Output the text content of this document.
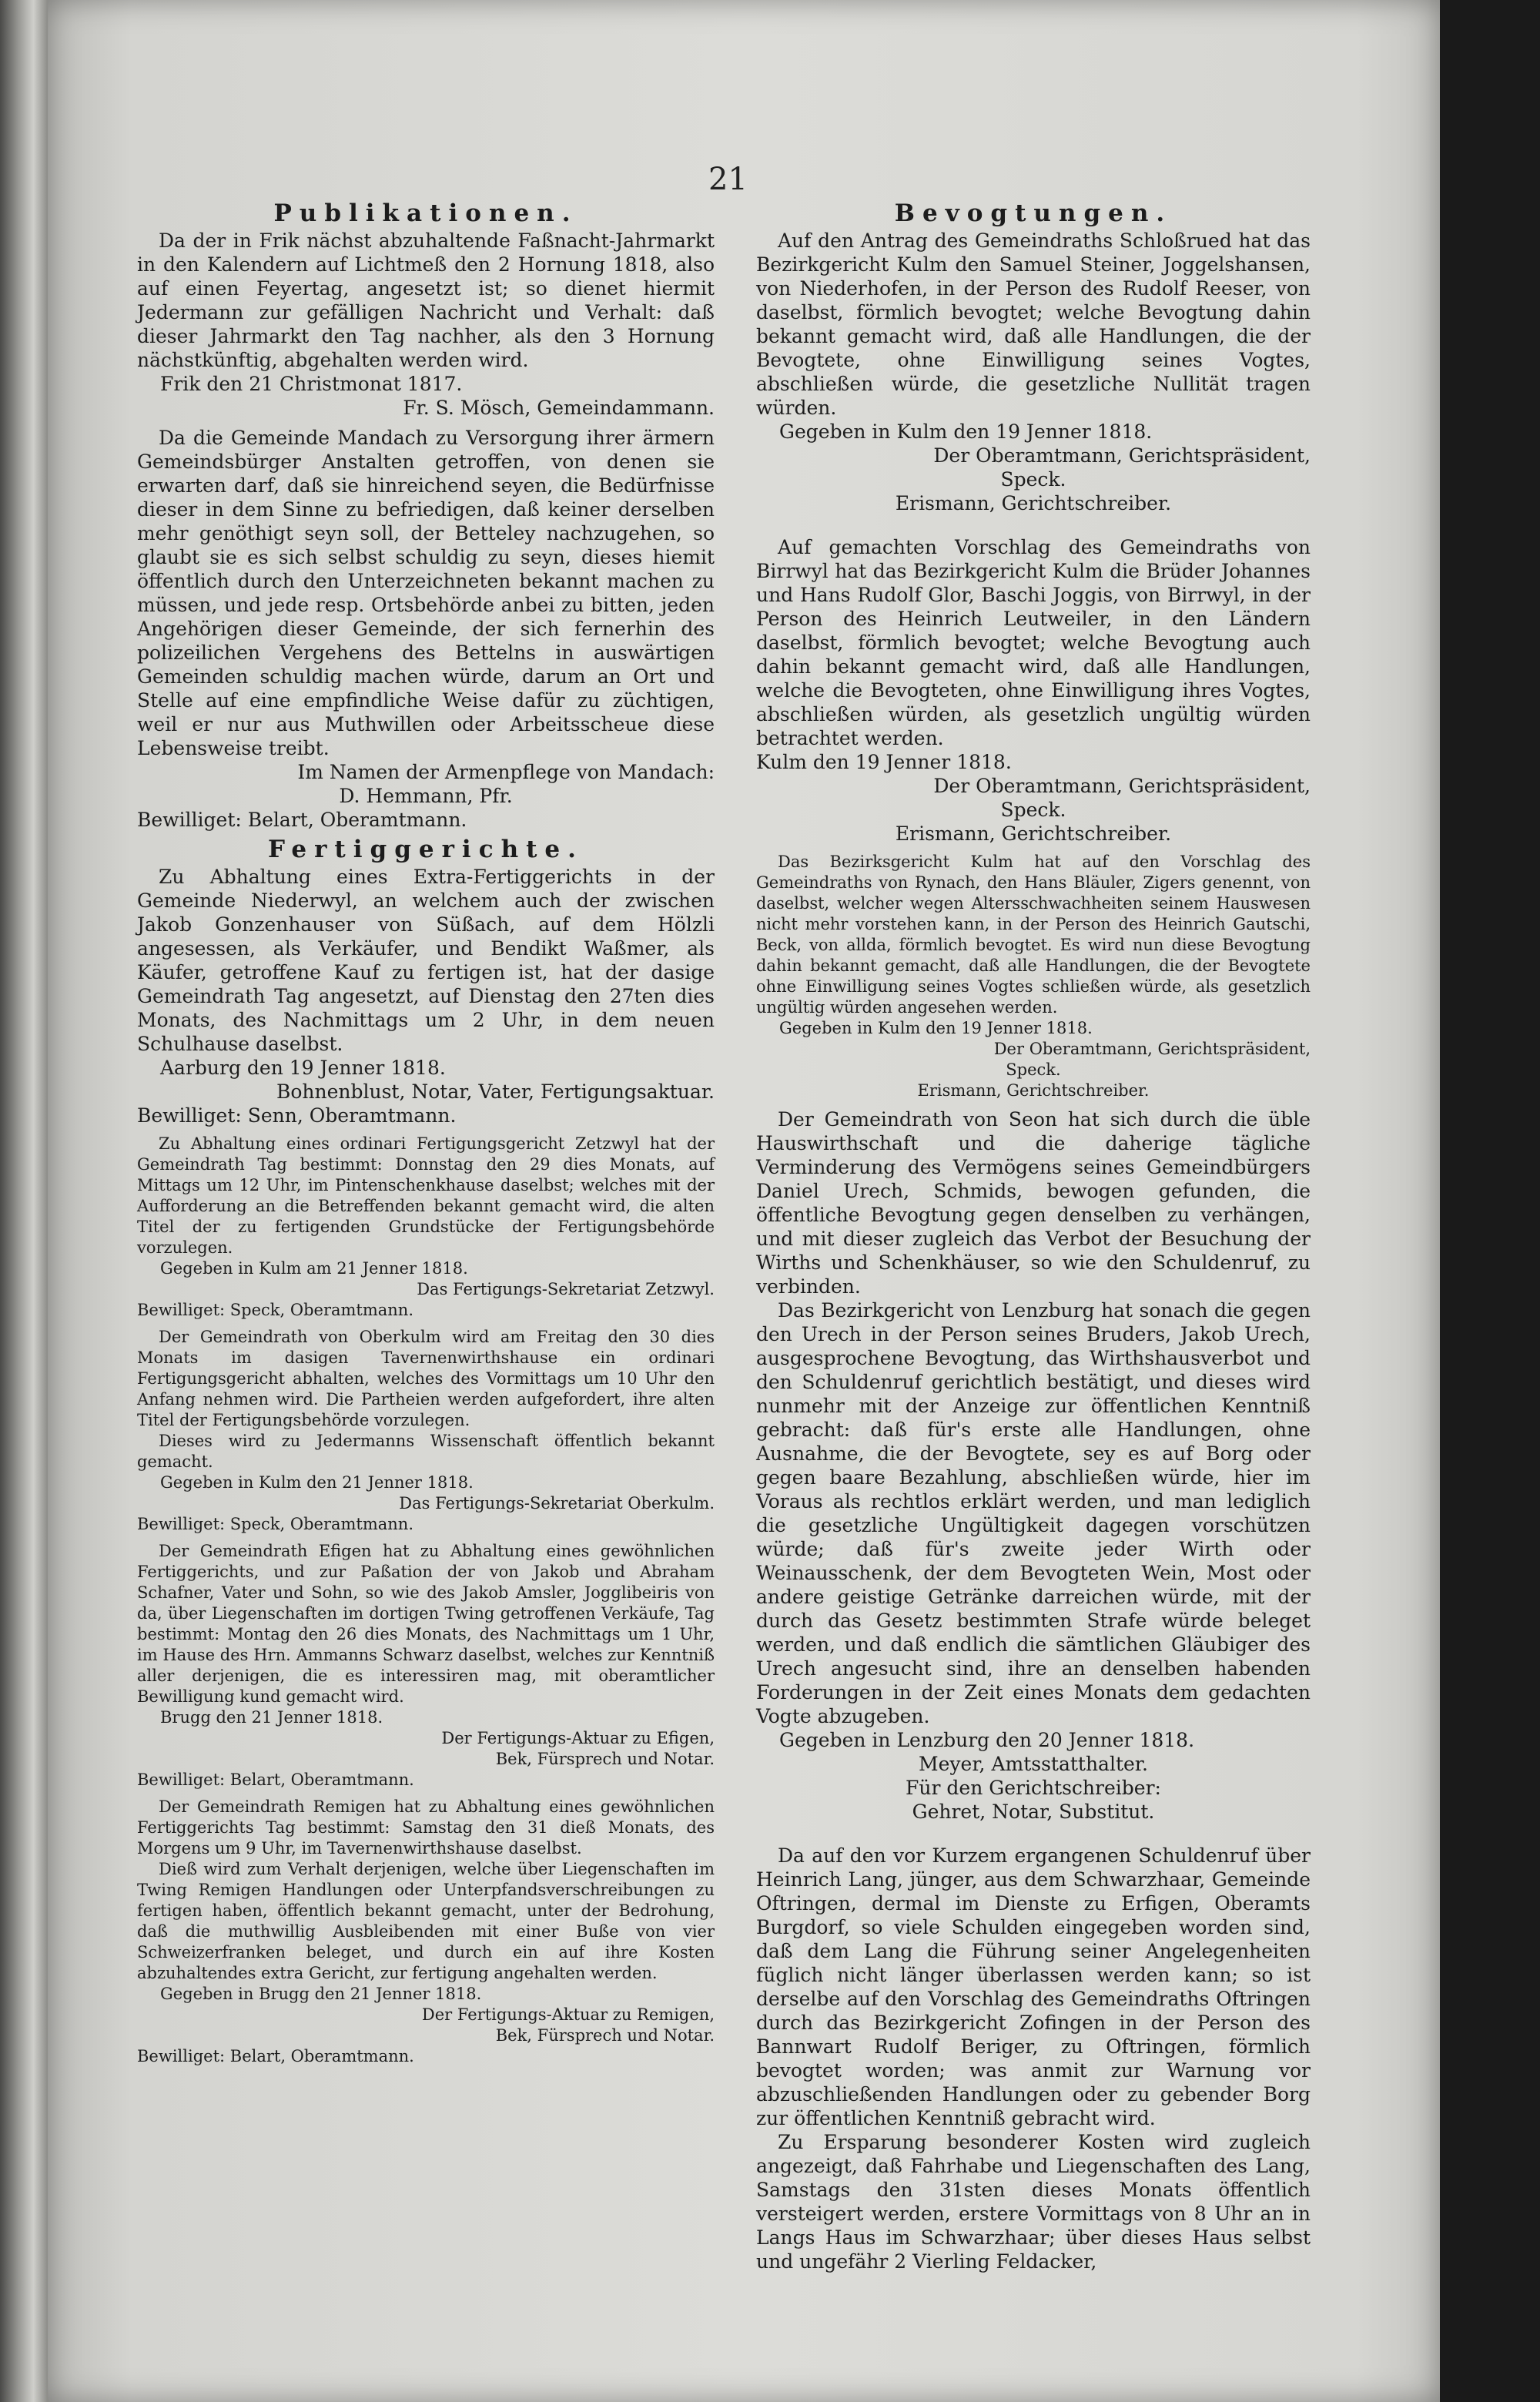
21
Publikationen.

Da der in Frik nächst abzuhaltende Faßnacht-Jahrmarkt in den Kalendern auf Lichtmeß den 2 Hornung 1818, also auf einen Feyertag, angesetzt ist; so dienet hiermit Jedermann zur gefälligen Nachricht und Verhalt: daß dieser Jahrmarkt den Tag nachher, als den 3 Hornung nächstkünftig, abgehalten werden wird.

Frik den 21 Christmonat 1817.

Fr. S. Mösch, Gemeindammann.

Da die Gemeinde Mandach zu Versorgung ihrer ärmern Gemeindsbürger Anstalten getroffen, von denen sie erwarten darf, daß sie hinreichend seyen, die Bedürfnisse dieser in dem Sinne zu befriedigen, daß keiner derselben mehr genöthigt seyn soll, der Betteley nachzugehen, so glaubt sie es sich selbst schuldig zu seyn, dieses hiemit öffentlich durch den Unterzeichneten bekannt machen zu müssen, und jede resp. Ortsbehörde anbei zu bitten, jeden Angehörigen dieser Gemeinde, der sich fernerhin des polizeilichen Vergehens des Bettelns in auswärtigen Gemeinden schuldig machen würde, darum an Ort und Stelle auf eine empfindliche Weise dafür zu züchtigen, weil er nur aus Muthwillen oder Arbeitsscheue diese Lebensweise treibt.

Im Namen der Armenpflege von Mandach:

D. Hemmann, Pfr.

Bewilliget: Belart, Oberamtmann.

Fertiggerichte.

Zu Abhaltung eines Extra-Fertiggerichts in der Gemeinde Niederwyl, an welchem auch der zwischen Jakob Gonzenhauser von Süßach, auf dem Hölzli angesessen, als Verkäufer, und Bendikt Waßmer, als Käufer, getroffene Kauf zu fertigen ist, hat der dasige Gemeindrath Tag angesetzt, auf Dienstag den 27ten dies Monats, des Nachmittags um 2 Uhr, in dem neuen Schulhause daselbst.

Aarburg den 19 Jenner 1818.

Bohnenblust, Notar, Vater, Fertigungsaktuar.

Bewilliget: Senn, Oberamtmann.

Zu Abhaltung eines ordinari Fertigungsgericht Zetzwyl hat der Gemeindrath Tag bestimmt: Donnstag den 29 dies Monats, auf Mittags um 12 Uhr, im Pintenschenkhause daselbst; welches mit der Aufforderung an die Betreffenden bekannt gemacht wird, die alten Titel der zu fertigenden Grundstücke der Fertigungsbehörde vorzulegen.

Gegeben in Kulm am 21 Jenner 1818.

Das Fertigungs-Sekretariat Zetzwyl.

Bewilliget: Speck, Oberamtmann.

Der Gemeindrath von Oberkulm wird am Freitag den 30 dies Monats im dasigen Tavernenwirthshause ein ordinari Fertigungsgericht abhalten, welches des Vormittags um 10 Uhr den Anfang nehmen wird. Die Partheien werden aufgefordert, ihre alten Titel der Fertigungsbehörde vorzulegen.

Dieses wird zu Jedermanns Wissenschaft öffentlich bekannt gemacht.

Gegeben in Kulm den 21 Jenner 1818.

Das Fertigungs-Sekretariat Oberkulm.

Bewilliget: Speck, Oberamtmann.

Der Gemeindrath Efigen hat zu Abhaltung eines gewöhnlichen Fertiggerichts, und zur Paßation der von Jakob und Abraham Schafner, Vater und Sohn, so wie des Jakob Amsler, Jogglibeiris von da, über Liegenschaften im dortigen Twing getroffenen Verkäufe, Tag bestimmt: Montag den 26 dies Monats, des Nachmittags um 1 Uhr, im Hause des Hrn. Ammanns Schwarz daselbst, welches zur Kenntniß aller derjenigen, die es interessiren mag, mit oberamtlicher Bewilligung kund gemacht wird.

Brugg den 21 Jenner 1818.

Der Fertigungs-Aktuar zu Efigen,

Bek, Fürsprech und Notar.

Bewilliget: Belart, Oberamtmann.

Der Gemeindrath Remigen hat zu Abhaltung eines gewöhnlichen Fertiggerichts Tag bestimmt: Samstag den 31 dieß Monats, des Morgens um 9 Uhr, im Tavernenwirthshause daselbst.

Dieß wird zum Verhalt derjenigen, welche über Liegenschaften im Twing Remigen Handlungen oder Unterpfandsverschreibungen zu fertigen haben, öffentlich bekannt gemacht, unter der Bedrohung, daß die muthwillig Ausbleibenden mit einer Buße von vier Schweizerfranken beleget, und durch ein auf ihre Kosten abzuhaltendes extra Gericht, zur fertigung angehalten werden.

Gegeben in Brugg den 21 Jenner 1818.

Der Fertigungs-Aktuar zu Remigen,

Bek, Fürsprech und Notar.

Bewilliget: Belart, Oberamtmann.

Bevogtungen.

Auf den Antrag des Gemeindraths Schloßrued hat das Bezirkgericht Kulm den Samuel Steiner, Joggelshansen, von Niederhofen, in der Person des Rudolf Reeser, von daselbst, förmlich bevogtet; welche Bevogtung dahin bekannt gemacht wird, daß alle Handlungen, die der Bevogtete, ohne Einwilligung seines Vogtes, abschließen würde, die gesetzliche Nullität tragen würden.

Gegeben in Kulm den 19 Jenner 1818.

Der Oberamtmann, Gerichtspräsident,

Speck.

Erismann, Gerichtschreiber.

Auf gemachten Vorschlag des Gemeindraths von Birrwyl hat das Bezirkgericht Kulm die Brüder Johannes und Hans Rudolf Glor, Baschi Joggis, von Birrwyl, in der Person des Heinrich Leutweiler, in den Ländern daselbst, förmlich bevogtet; welche Bevogtung auch dahin bekannt gemacht wird, daß alle Handlungen, welche die Bevogteten, ohne Einwilligung ihres Vogtes, abschließen würden, als gesetzlich ungültig würden betrachtet werden.

Kulm den 19 Jenner 1818.

Der Oberamtmann, Gerichtspräsident,

Speck.

Erismann, Gerichtschreiber.

Das Bezirksgericht Kulm hat auf den Vorschlag des Gemeindraths von Rynach, den Hans Bläuler, Zigers genennt, von daselbst, welcher wegen Altersschwachheiten seinem Hauswesen nicht mehr vorstehen kann, in der Person des Heinrich Gautschi, Beck, von allda, förmlich bevogtet. Es wird nun diese Bevogtung dahin bekannt gemacht, daß alle Handlungen, die der Bevogtete ohne Einwilligung seines Vogtes schließen würde, als gesetzlich ungültig würden angesehen werden.

Gegeben in Kulm den 19 Jenner 1818.

Der Oberamtmann, Gerichtspräsident,

Speck.

Erismann, Gerichtschreiber.

Der Gemeindrath von Seon hat sich durch die üble Hauswirthschaft und die daherige tägliche Verminderung des Vermögens seines Gemeindbürgers Daniel Urech, Schmids, bewogen gefunden, die öffentliche Bevogtung gegen denselben zu verhängen, und mit dieser zugleich das Verbot der Besuchung der Wirths und Schenkhäuser, so wie den Schuldenruf, zu verbinden.

Das Bezirkgericht von Lenzburg hat sonach die gegen den Urech in der Person seines Bruders, Jakob Urech, ausgesprochene Bevogtung, das Wirthshausverbot und den Schuldenruf gerichtlich bestätigt, und dieses wird nunmehr mit der Anzeige zur öffentlichen Kenntniß gebracht: daß für's erste alle Handlungen, ohne Ausnahme, die der Bevogtete, sey es auf Borg oder gegen baare Bezahlung, abschließen würde, hier im Voraus als rechtlos erklärt werden, und man lediglich die gesetzliche Ungültigkeit dagegen vorschützen würde; daß für's zweite jeder Wirth oder Weinausschenk, der dem Bevogteten Wein, Most oder andere geistige Getränke darreichen würde, mit der durch das Gesetz bestimmten Strafe würde beleget werden, und daß endlich die sämtlichen Gläubiger des Urech angesucht sind, ihre an denselben habenden Forderungen in der Zeit eines Monats dem gedachten Vogte abzugeben.

Gegeben in Lenzburg den 20 Jenner 1818.

Meyer, Amtsstatthalter.

Für den Gerichtschreiber:

Gehret, Notar, Substitut.

Da auf den vor Kurzem ergangenen Schuldenruf über Heinrich Lang, jünger, aus dem Schwarzhaar, Gemeinde Oftringen, dermal im Dienste zu Erfigen, Oberamts Burgdorf, so viele Schulden eingegeben worden sind, daß dem Lang die Führung seiner Angelegenheiten füglich nicht länger überlassen werden kann; so ist derselbe auf den Vorschlag des Gemeindraths Oftringen durch das Bezirkgericht Zofingen in der Person des Bannwart Rudolf Beriger, zu Oftringen, förmlich bevogtet worden; was anmit zur Warnung vor abzuschließenden Handlungen oder zu gebender Borg zur öffentlichen Kenntniß gebracht wird.

Zu Ersparung besonderer Kosten wird zugleich angezeigt, daß Fahrhabe und Liegenschaften des Lang, Samstags den 31sten dieses Monats öffentlich versteigert werden, erstere Vormittags von 8 Uhr an in Langs Haus im Schwarzhaar; über dieses Haus selbst und ungefähr 2 Vierling Feldacker,
